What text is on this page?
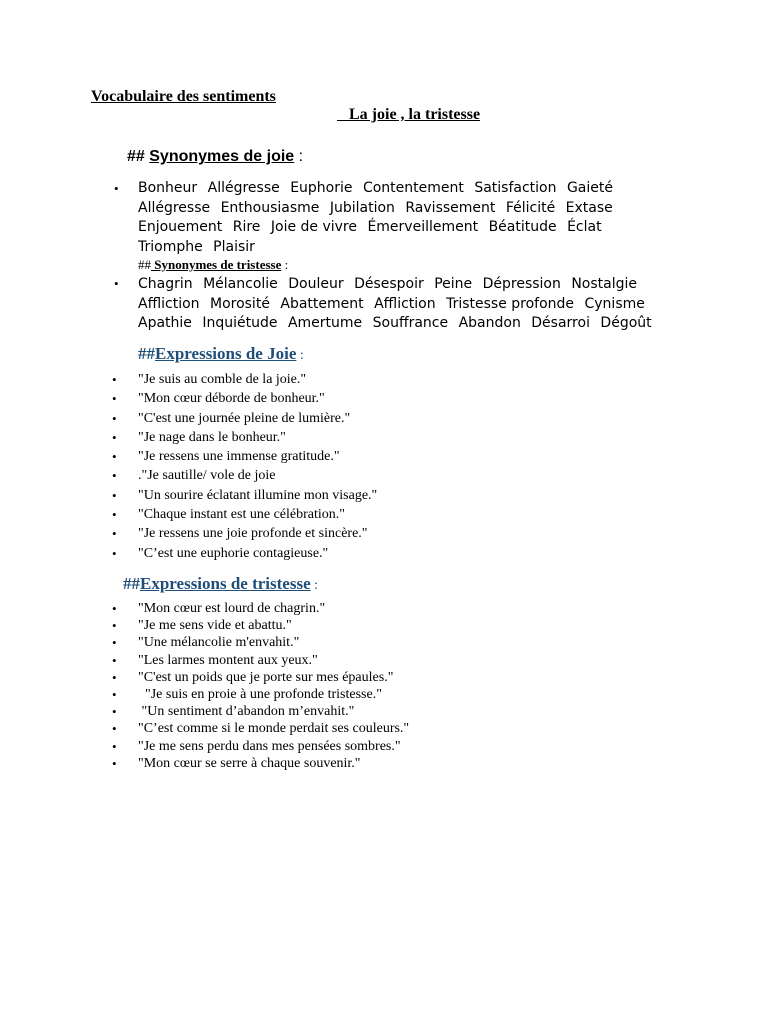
Vocabulaire des sentiments

La joie , la tristesse

## Synonymes de joie :
• Bonheur Allégresse Euphorie Contentement Satisfaction Gaieté Allégresse Enthousiasme Jubilation Ravissement Félicité Extase Enjouement Rire Joie de vivre Émerveillement Béatitude Éclat Triomphe Plaisir
## Synonymes de tristesse :
• Chagrin Mélancolie Douleur Désespoir Peine Dépression Nostalgie Affliction Morosité Abattement Affliction Tristesse profonde Cynisme Apathie Inquiétude Amertume Souffrance Abandon Désarroi Dégoût
##Expressions de Joie :
• "Je suis au comble de la joie."
• "Mon cœur déborde de bonheur."
• "C'est une journée pleine de lumière."
• "Je nage dans le bonheur."
• "Je ressens une immense gratitude."
• ."Je sautille/ vole de joie
• "Un sourire éclatant illumine mon visage."
• "Chaque instant est une célébration."
• "Je ressens une joie profonde et sincère."
• "C’est une euphorie contagieuse."
##Expressions de tristesse :
• "Mon cœur est lourd de chagrin."
• "Je me sens vide et abattu."
• "Une mélancolie m'envahit."
• "Les larmes montent aux yeux."
• "C'est un poids que je porte sur mes épaules."
•   "Je suis en proie à une profonde tristesse."
•  "Un sentiment d’abandon m’envahit."
• "C’est comme si le monde perdait ses couleurs."
• "Je me sens perdu dans mes pensées sombres."
• "Mon cœur se serre à chaque souvenir."
